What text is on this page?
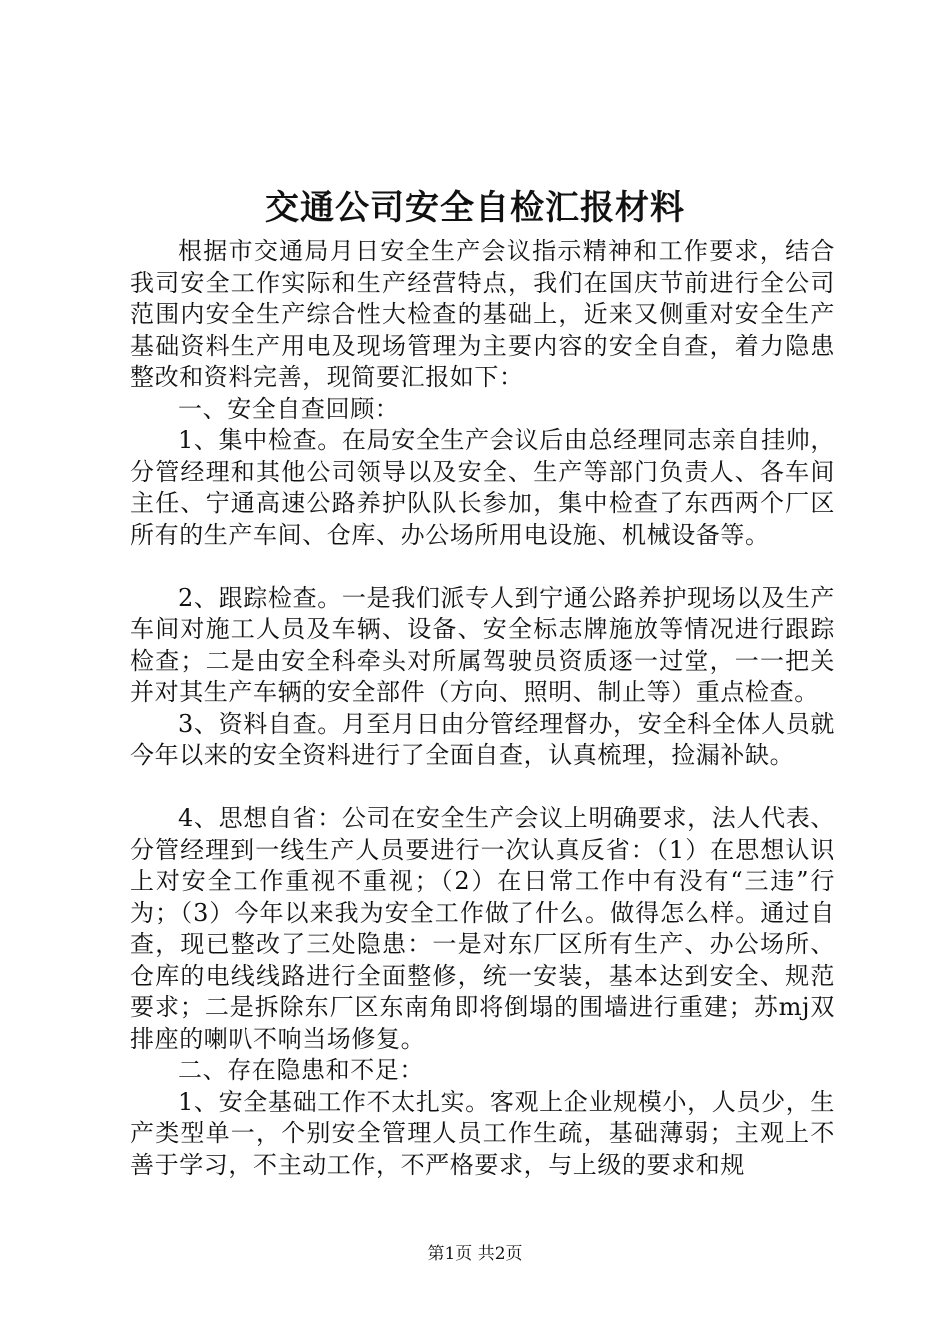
交通公司安全自检汇报材料

根据市交通局月日安全生产会议指示精神和工作要求，结合我司安全工作实际和生产经营特点，我们在国庆节前进行全公司范围内安全生产综合性大检查的基础上，近来又侧重对安全生产基础资料生产用电及现场管理为主要内容的安全自查，着力隐患整改和资料完善，现简要汇报如下：

一、安全自查回顾：

1、集中检查。在局安全生产会议后由总经理同志亲自挂帅，分管经理和其他公司领导以及安全、生产等部门负责人、各车间主任、宁通高速公路养护队队长参加，集中检查了东西两个厂区所有的生产车间、仓库、办公场所用电设施、机械设备等。

2、跟踪检查。一是我们派专人到宁通公路养护现场以及生产车间对施工人员及车辆、设备、安全标志牌施放等情况进行跟踪检查；二是由安全科牵头对所属驾驶员资质逐一过堂，一一把关并对其生产车辆的安全部件（方向、照明、制止等）重点检查。

3、资料自查。月至月日由分管经理督办，安全科全体人员就今年以来的安全资料进行了全面自查，认真梳理，捡漏补缺。

4、思想自省：公司在安全生产会议上明确要求，法人代表、分管经理到一线生产人员要进行一次认真反省：（1）在思想认识上对安全工作重视不重视；（2）在日常工作中有没有“三违”行为；（3）今年以来我为安全工作做了什么。做得怎么样。通过自查，现已整改了三处隐患：一是对东厂区所有生产、办公场所、仓库的电线线路进行全面整修，统一安装，基本达到安全、规范要求；二是拆除东厂区东南角即将倒塌的围墙进行重建；苏mj双排座的喇叭不响当场修复。

二、存在隐患和不足：

1、安全基础工作不太扎实。客观上企业规模小，人员少，生产类型单一，个别安全管理人员工作生疏，基础薄弱；主观上不善于学习，不主动工作，不严格要求，与上级的要求和规

第1页 共2页
